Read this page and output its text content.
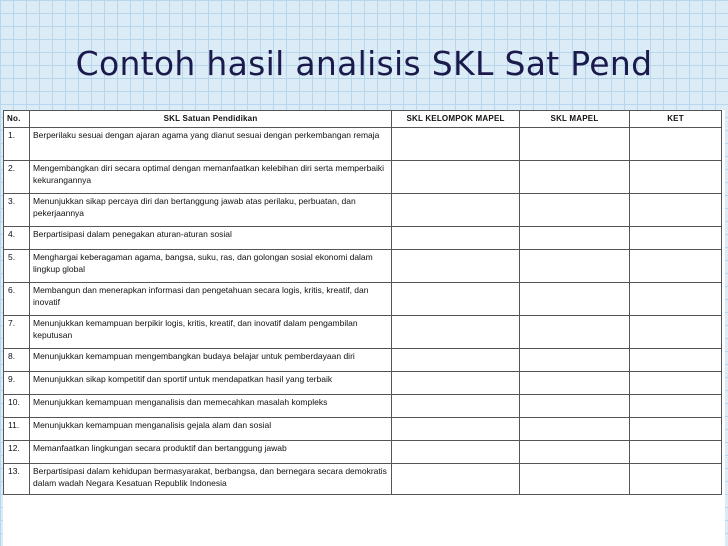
Contoh hasil analisis SKL Sat Pend
No.	SKL Satuan Pendidikan	SKL KELOMPOK MAPEL	SKL MAPEL	KET
1.	Berperilaku sesuai dengan ajaran agama yang dianut sesuai dengan perkembangan remaja			
2.	Mengembangkan diri secara optimal dengan memanfaatkan kelebihan diri serta memperbaiki kekurangannya			
3.	Menunjukkan sikap percaya diri dan bertanggung jawab atas perilaku, perbuatan, dan pekerjaannya			
4.	Berpartisipasi dalam penegakan aturan-aturan sosial			
5.	Menghargai keberagaman agama, bangsa, suku, ras, dan golongan sosial ekonomi dalam lingkup global			
6.	Membangun dan menerapkan informasi dan pengetahuan secara logis, kritis, kreatif, dan inovatif			
7.	Menunjukkan kemampuan berpikir logis, kritis, kreatif, dan inovatif dalam pengambilan keputusan			
8.	Menunjukkan kemampuan mengembangkan budaya belajar untuk pemberdayaan diri			
9.	Menunjukkan sikap kompetitif dan sportif untuk mendapatkan hasil yang terbaik			
10.	Menunjukkan kemampuan menganalisis dan memecahkan masalah kompleks			
11.	Menunjukkan kemampuan menganalisis gejala alam dan sosial			
12.	Memanfaatkan lingkungan secara produktif dan bertanggung jawab			
13.	Berpartisipasi dalam kehidupan bermasyarakat, berbangsa, dan bernegara secara demokratis dalam wadah Negara Kesatuan Republik Indonesia			
